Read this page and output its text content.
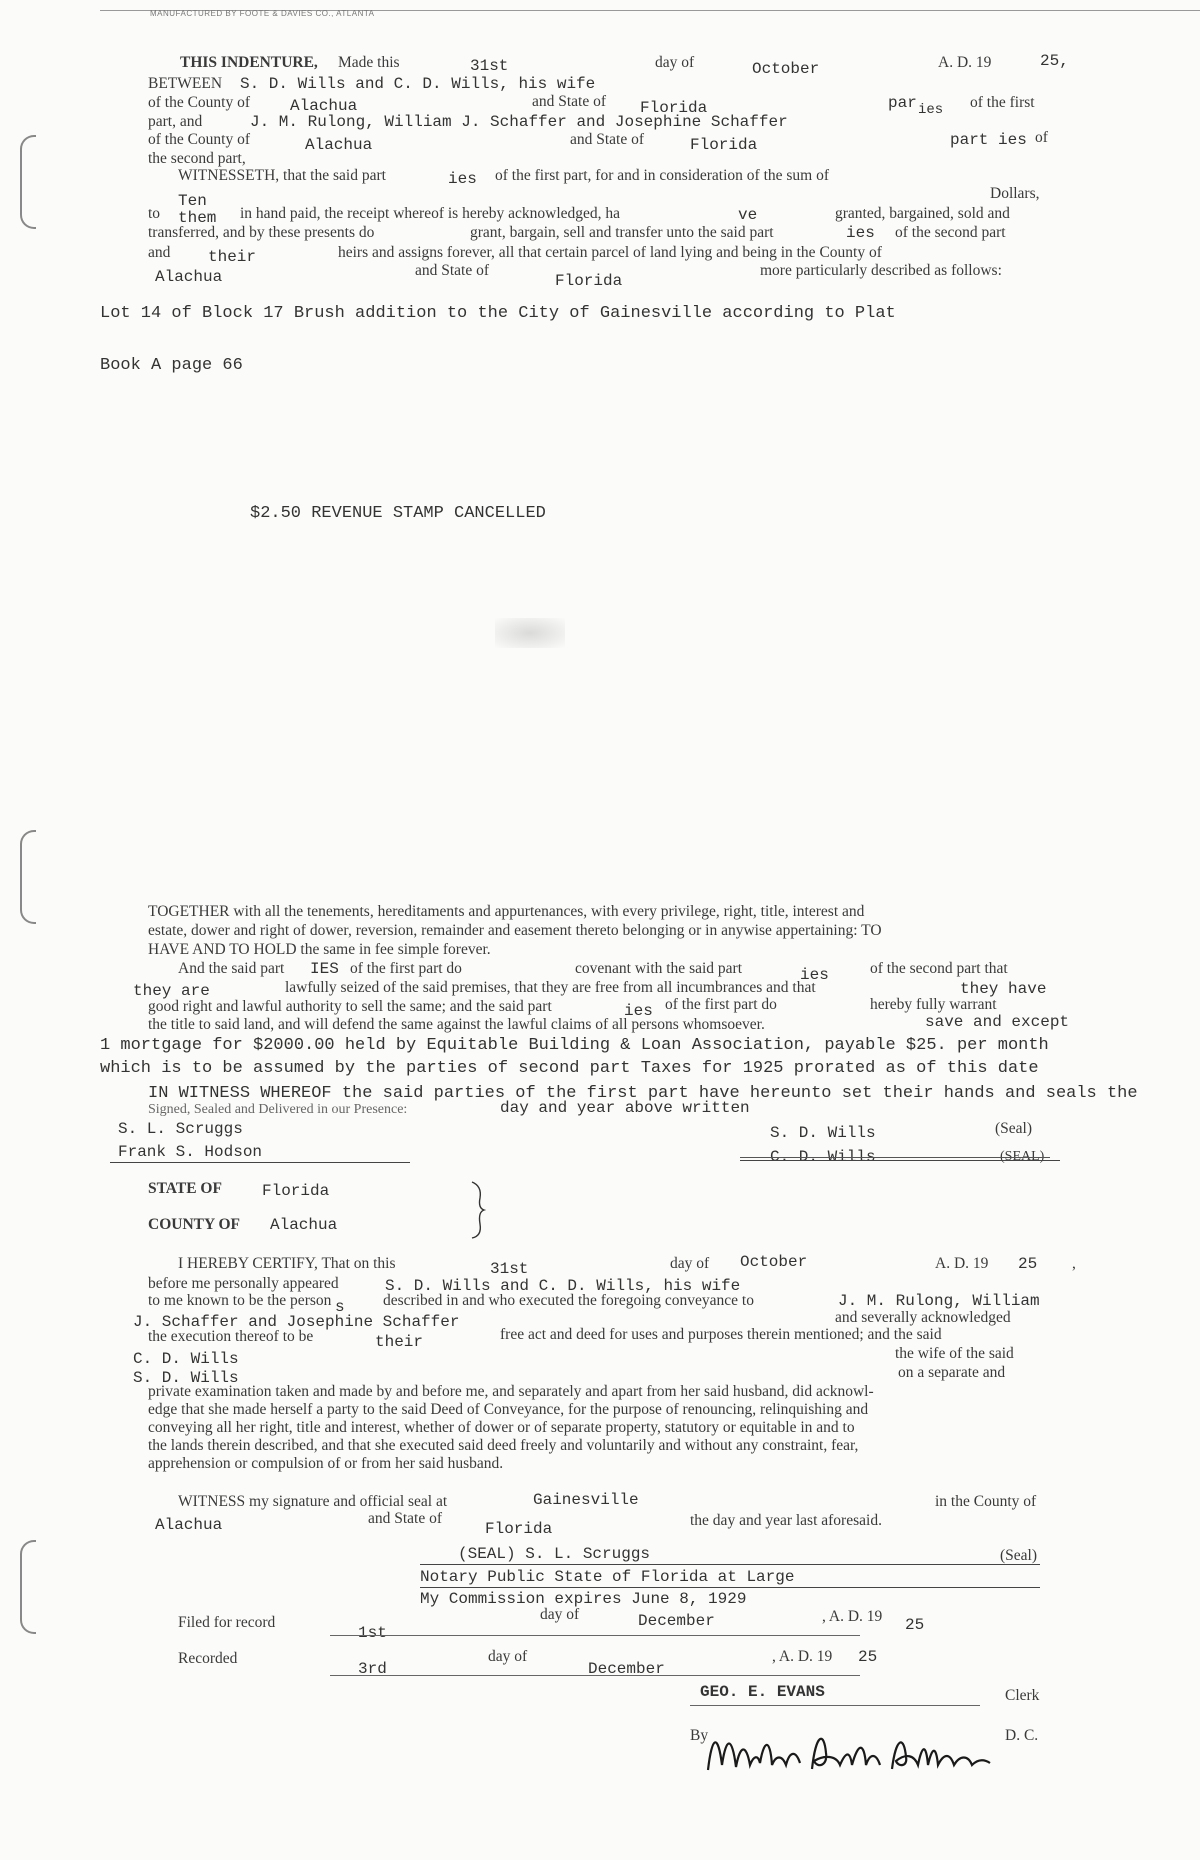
MANUFACTURED BY FOOTE & DAVIES CO., ATLANTA
THIS INDENTURE, Made this	31st	day of	October	A. D. 19	25,
BETWEEN S. D. Wills and C. D. Wills, his wife
of the County of Alachua	and State of Florida	par ies of the first
part, and	J. M. Rulong, William J. Schaffer and Josephine Schaffer
of the County of	Alachua	and State of	Florida	part ies of
the second part,
WITNESSETH, that the said part	ies of the first part, for and in consideration of the sum of
Ten	Dollars,
to them in hand paid, the receipt whereof is hereby acknowledged, ha	ve	granted, bargained, sold and
transferred, and by these presents do	grant, bargain, sell and transfer unto the said part	ies of the second part
and their	heirs and assigns forever, all that certain parcel of land lying and being in the County of
Alachua	and State of
Florida
more particularly described as follows:
Lot 14 of Block 17 Brush addition to the City of Gainesville according to Plat
Book A page 66
$2.50 REVENUE STAMP CANCELLED
TOGETHER with all the tenements, hereditaments and appurtenances, with every privilege, right, title, interest and
estate, dower and right of dower, reversion, remainder and easement thereto belonging or in anywise appertaining: TO
HAVE AND TO HOLD the same in fee simple forever.
And the said part IES of the first part do	covenant with the said part	ies	of the second part that
they are	lawfully seized of the said premises, that they are free from all incumbrances and that	they have
good right and lawful authority to sell the same; and the said part	ies of the first part do	hereby fully warrant
the title to said land, and will defend the same against the lawful claims of all persons whomsoever.	save and except
1 mortgage for $2000.00 held by Equitable Building & Loan Association, payable $25. per month
which is to be assumed by the parties of second part Taxes for 1925 prorated as of this date
IN WITNESS WHEREOF the said parties of the first part have hereunto set their hands and seals the
Signed, Sealed and Delivered in our Presence:	day and year above written
S. L. Scruggs
Frank S. Hodson
S. D. Wills	(Seal)
C. D. Wills	(SEAL)
STATE OF	Florida
COUNTY OF Alachua
I HEREBY CERTIFY, That on this	31st	day of October	A. D. 19 25 ,
before me personally appeared	S. D. Wills and C. D. Wills, his wife
to me known to be the person s described in and who executed the foregoing conveyance to	J. M. Rulong, William
J. Schaffer and Josephine Schaffer	and severally acknowledged
the execution thereof to be	their	free act and deed for uses and purposes therein mentioned; and the said
the wife of the said
C. D. Wills
on a separate and
S. D. Wills
private examination taken and made by and before me, and separately and apart from her said husband, did acknowl-
edge that she made herself a party to the said Deed of Conveyance, for the purpose of renouncing, relinquishing and
conveying all her right, title and interest, whether of dower or of separate property, statutory or equitable in and to
the lands therein described, and that she executed said deed freely and voluntarily and without any constraint, fear,
apprehension or compulsion of or from her said husband.
WITNESS my signature and official seal at	Gainesville	in the County of
Alachua	and State of
Florida	the day and year last aforesaid.
(SEAL) S. L. Scruggs	(Seal)
Notary Public State of Florida at Large
My Commission expires June 8, 1929
Filed for record
1st
day of	December	, A. D. 19 25
Recorded
3rd
day of
December
, A. D. 19 25
GEO. E. EVANS	Clerk
By	D. C.
